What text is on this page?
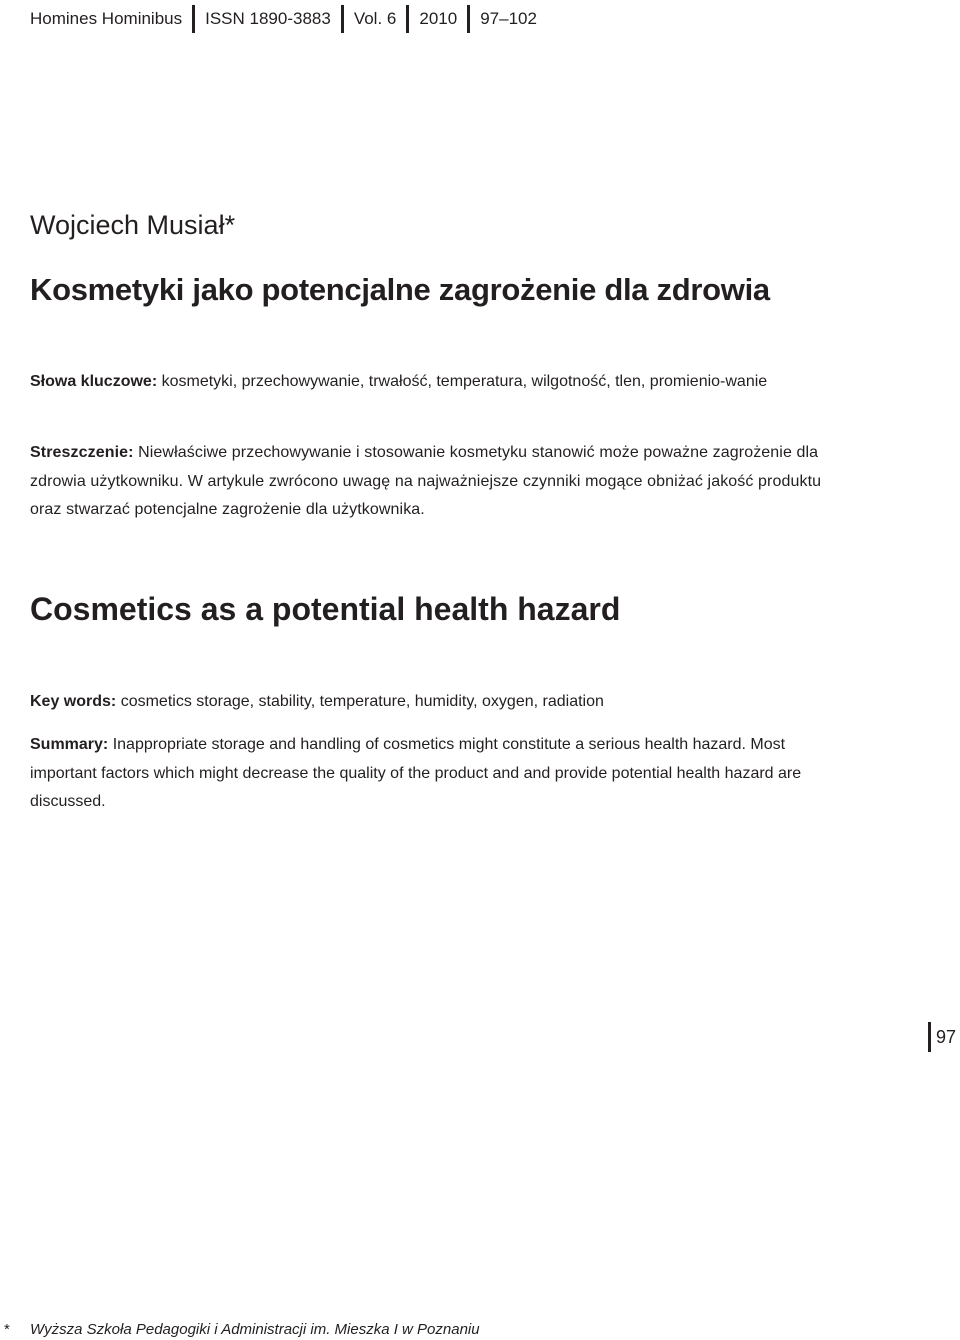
Homines Hominibus	ISSN 1890-3883	Vol. 6	2010	97–102
Wojciech Musiał*
Kosmetyki jako potencjalne zagrożenie dla zdrowia

Słowa kluczowe: kosmetyki, przechowywanie, trwałość, temperatura, wilgotność, tlen, promienio-wanie

Streszczenie: Niewłaściwe przechowywanie i stosowanie kosmetyku stanowić może poważne zagrożenie dla zdrowia użytkowniku. W artykule zwrócono uwagę na najważniejsze czynniki mogące obniżać jakość produktu oraz stwarzać potencjalne zagrożenie dla użytkownika.

Cosmetics as a potential health hazard

Key words: cosmetics storage, stability, temperature, humidity, oxygen, radiation

Summary: Inappropriate storage and handling of cosmetics might constitute a serious health hazard. Most important factors which might decrease the quality of the product and and provide potential health hazard are discussed.

97
* Wyższa Szkoła Pedagogiki i Administracji im. Mieszka I w Poznaniu
